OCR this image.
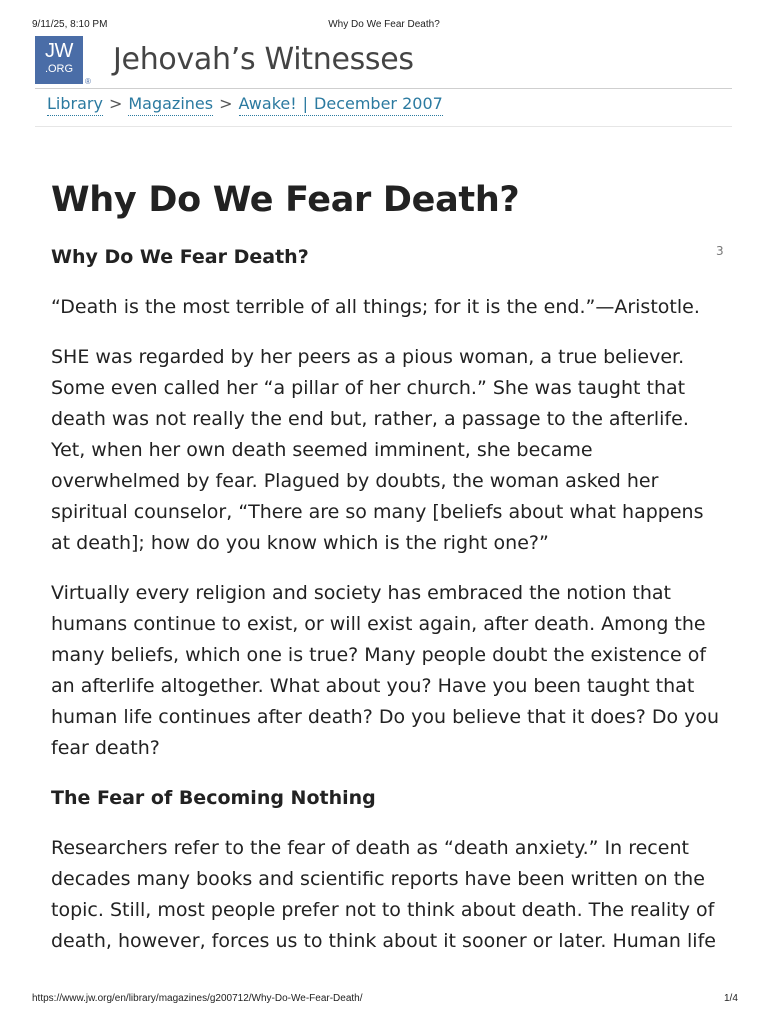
9/11/25, 8:10 PM	Why Do We Fear Death?
JW
.ORG
®
Jehovah’s Witnesses
Library > Magazines > Awake! | December 2007
3
Why Do We Fear Death?
Why Do We Fear Death?

“Death is the most terrible of all things; for it is the end.”—Aristotle.

SHE was regarded by her peers as a pious woman, a true believer. Some even called her “a pillar of her church.” She was taught that death was not really the end but, rather, a passage to the afterlife. Yet, when her own death seemed imminent, she became overwhelmed by fear. Plagued by doubts, the woman asked her spiritual counselor, “There are so many [beliefs about what happens at death]; how do you know which is the right one?”

Virtually every religion and society has embraced the notion that humans continue to exist, or will exist again, after death. Among the many beliefs, which one is true? Many people doubt the existence of an afterlife altogether. What about you? Have you been taught that human life continues after death? Do you believe that it does? Do you fear death?

The Fear of Becoming Nothing

Researchers refer to the fear of death as “death anxiety.” In recent decades many books and scientific reports have been written on the topic. Still, most people prefer not to think about death. The reality of death, however, forces us to think about it sooner or later. Human life

https://www.jw.org/en/library/magazines/g200712/Why-Do-We-Fear-Death/	1/4
